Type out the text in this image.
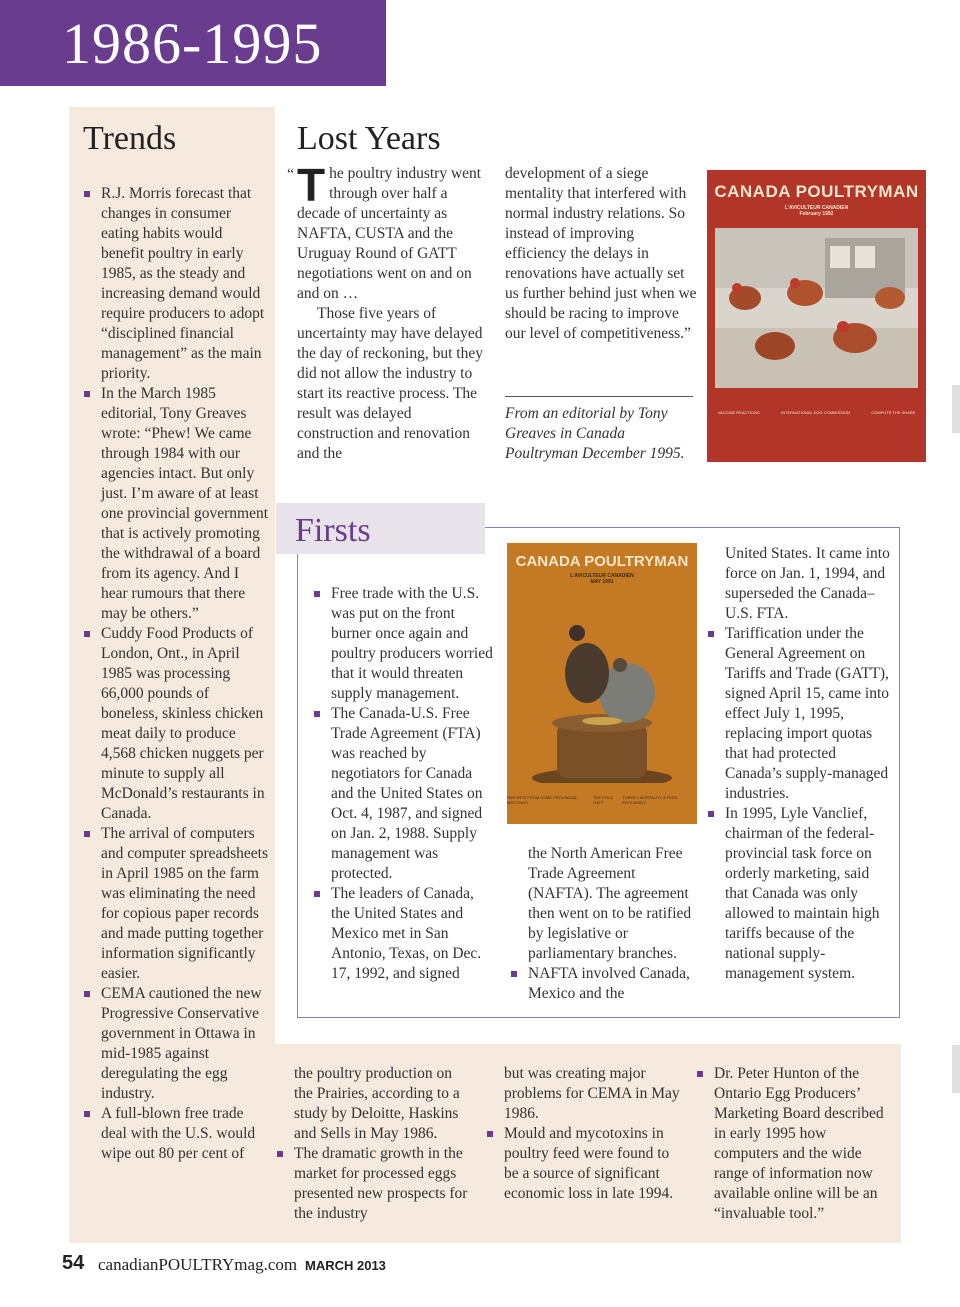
1986-1995
Trends
R.J. Morris forecast that changes in consumer eating habits would benefit poultry in early 1985, as the steady and increasing demand would require producers to adopt “disciplined financial management” as the main priority.
In the March 1985 editorial, Tony Greaves wrote: “Phew! We came through 1984 with our agencies intact. But only just. I’m aware of at least one provincial government that is actively promoting the withdrawal of a board from its agency. And I hear rumours that there may be others.”
Cuddy Food Products of London, Ont., in April 1985 was processing 66,000 pounds of boneless, skinless chicken meat daily to produce 4,568 chicken nuggets per minute to supply all McDonald’s restaurants in Canada.
The arrival of computers and computer spreadsheets in April 1985 on the farm was eliminating the need for copious paper records and made putting together information significantly easier.
CEMA cautioned the new Progressive Conservative government in Ottawa in mid-1985 against deregulating the egg industry.
A full-blown free trade deal with the U.S. would wipe out 80 per cent of
Lost Years
“ The poultry industry went through over half a decade of uncertainty as NAFTA, CUSTA and the Uruguay Round of GATT negotiations went on and on and on …

Those five years of uncertainty may have delayed the day of reckoning, but they did not allow the industry to start its reactive process. The result was delayed construction and renovation and the

development of a siege mentality that interfered with normal industry relations. So instead of improving efficiency the delays in renovations have actually set us further behind just when we should be racing to improve our level of competitiveness.”

From an editorial by Tony Greaves in Canada Poultryman December 1995.
CANADA POULTRYMAN
L'AVICULTEUR CANADIEN
February 1992
VACCINE REACTIONS	INTERNATIONAL EGG COMMISSION	COMPUTE THE SHARE
Firsts
Free trade with the U.S. was put on the front burner once again and poultry producers worried that it would threaten supply management.
The Canada-U.S. Free Trade Agreement (FTA) was reached by negotiators for Canada and the United States on Oct. 4, 1987, and signed on Jan. 2, 1988. Supply management was protected.
The leaders of Canada, the United States and Mexico met in San Antonio, Texas, on Dec. 17, 1992, and signed
CANADA POULTRYMAN
L'AVICULTEUR CANADIEN
MAY 1991
REPORTS FROM SOME PROVINCIAL MEETINGS
THE FTA & GATT
TURKEY MORTALITY & FEED EFFICIENCY

the North American Free Trade Agreement (NAFTA). The agreement then went on to be ratified by legislative or parliamentary branches.

NAFTA involved Canada, Mexico and the

United States. It came into force on Jan. 1, 1994, and superseded the Canada–U.S. FTA.

Tariffication under the General Agreement on Tariffs and Trade (GATT), signed April 15, came into effect July 1, 1995, replacing import quotas that had protected Canada’s supply-managed industries.
In 1995, Lyle Vanclief, chairman of the federal-provincial task force on orderly marketing, said that Canada was only allowed to maintain high tariffs because of the national supply-management system.

the poultry production on the Prairies, according to a study by Deloitte, Haskins and Sells in May 1986.

The dramatic growth in the market for processed eggs presented new prospects for the industry

but was creating major problems for CEMA in May 1986.

Mould and mycotoxins in poultry feed were found to be a source of significant economic loss in late 1994.
Dr. Peter Hunton of the Ontario Egg Producers’ Marketing Board described in early 1995 how computers and the wide range of information now available online will be an “invaluable tool.”
54 canadianPOULTRYmag.com MARCH 2013
